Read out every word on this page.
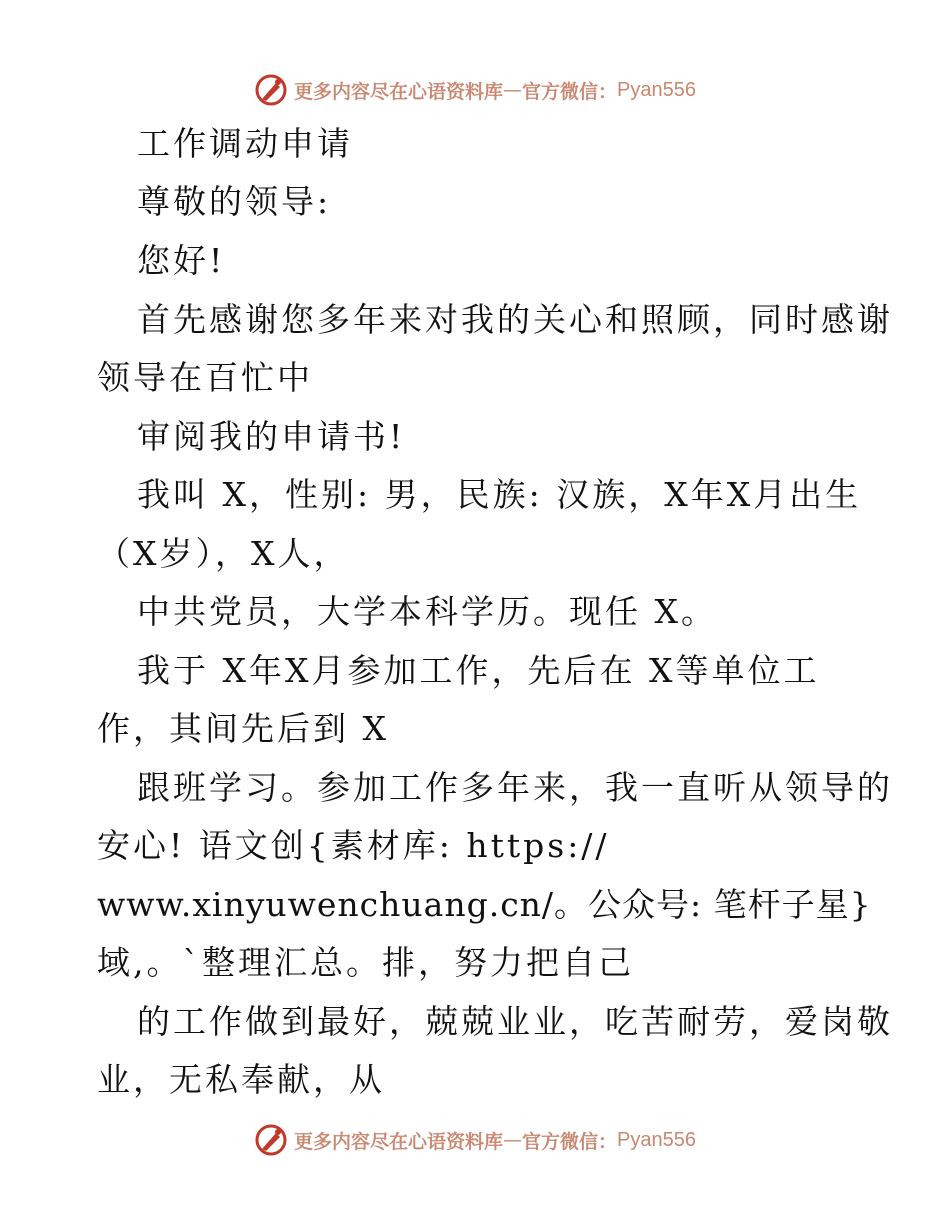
更多内容尽在心语资料库 — 官方微信： Pyan556
工作调动申请
尊敬的领导:
您好!
首先感谢您多年来对我的关心和照顾，同时感谢
领导在百忙中
审阅我的申请书!
我叫 X，性别: 男，民族: 汉族，X年X月出生
（X岁），X人，
中共党员，大学本科学历。现任 X。
我于 X年X月参加工作，先后在 X等单位工
作，其间先后到 X
跟班学习。参加工作多年来，我一直听从领导的
安心! 语文创{素材库: https://
www.xinyuwenchuang.cn/。公众号: 笔杆子星}
域,。`整理汇总。排，努力把自己
的工作做到最好，兢兢业业，吃苦耐劳，爱岗敬
业，无私奉献，从
更多内容尽在心语资料库 — 官方微信： Pyan556
